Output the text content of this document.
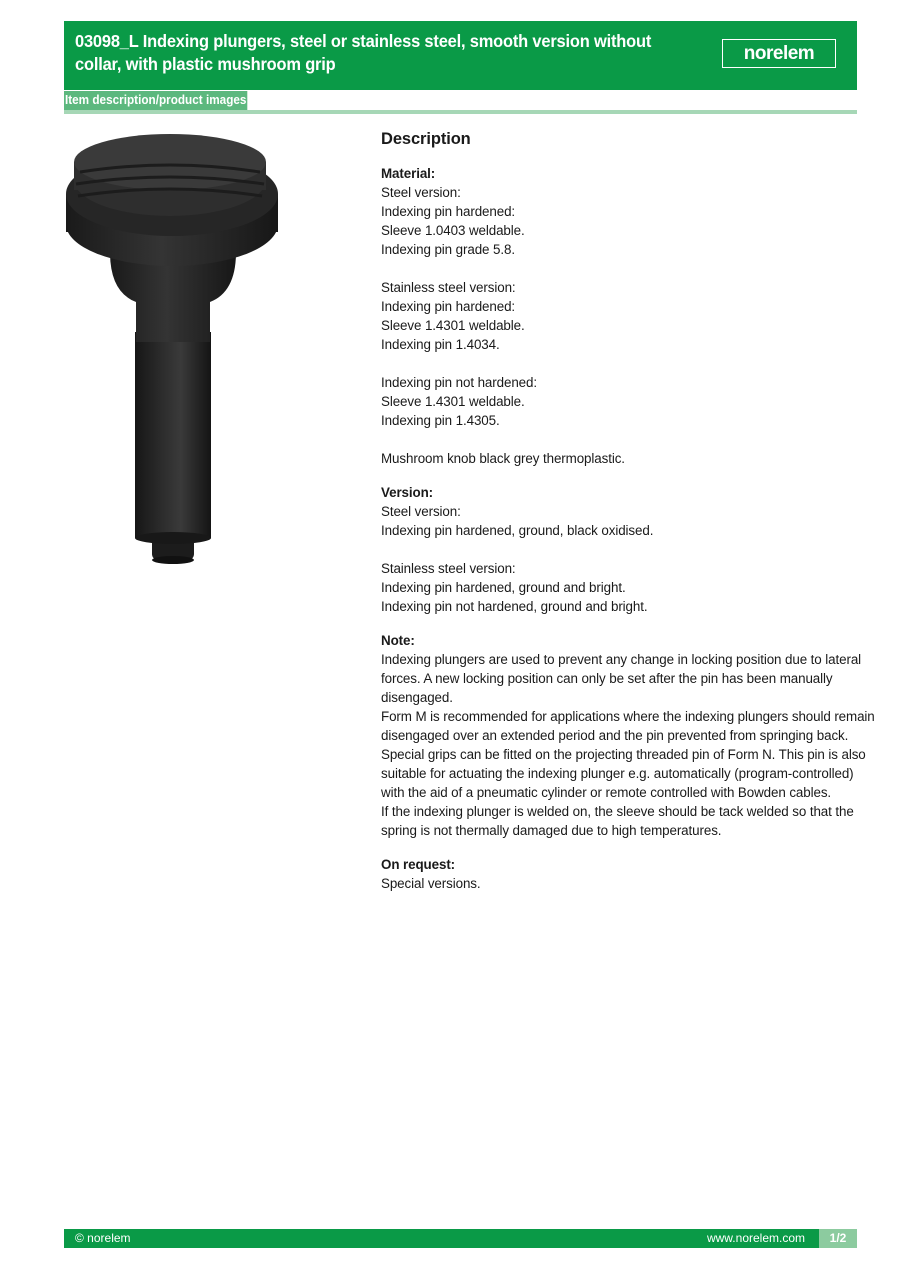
03098_L Indexing plungers, steel or stainless steel, smooth version without collar, with plastic mushroom grip
norelem
Item description/product images
Description
Material:
Steel version:
Indexing pin hardened:
Sleeve 1.0403 weldable.
Indexing pin grade 5.8.
Stainless steel version:
Indexing pin hardened:
Sleeve 1.4301 weldable.
Indexing pin 1.4034.
Indexing pin not hardened:
Sleeve 1.4301 weldable.
Indexing pin 1.4305.
Mushroom knob black grey thermoplastic.
Version:
Steel version:
Indexing pin hardened, ground, black oxidised.
Stainless steel version:
Indexing pin hardened, ground and bright.
Indexing pin not hardened, ground and bright.
Note:
Indexing plungers are used to prevent any change in locking position due to lateral
forces. A new locking position can only be set after the pin has been manually
disengaged.
Form M is recommended for applications where the indexing plungers should remain
disengaged over an extended period and the pin prevented from springing back.
Special grips can be fitted on the projecting threaded pin of Form N. This pin is also
suitable for actuating the indexing plunger e.g. automatically (program-controlled)
with the aid of a pneumatic cylinder or remote controlled with Bowden cables.
If the indexing plunger is welded on, the sleeve should be tack welded so that the
spring is not thermally damaged due to high temperatures.
On request:
Special versions.
© norelem	www.norelem.com	1/2
